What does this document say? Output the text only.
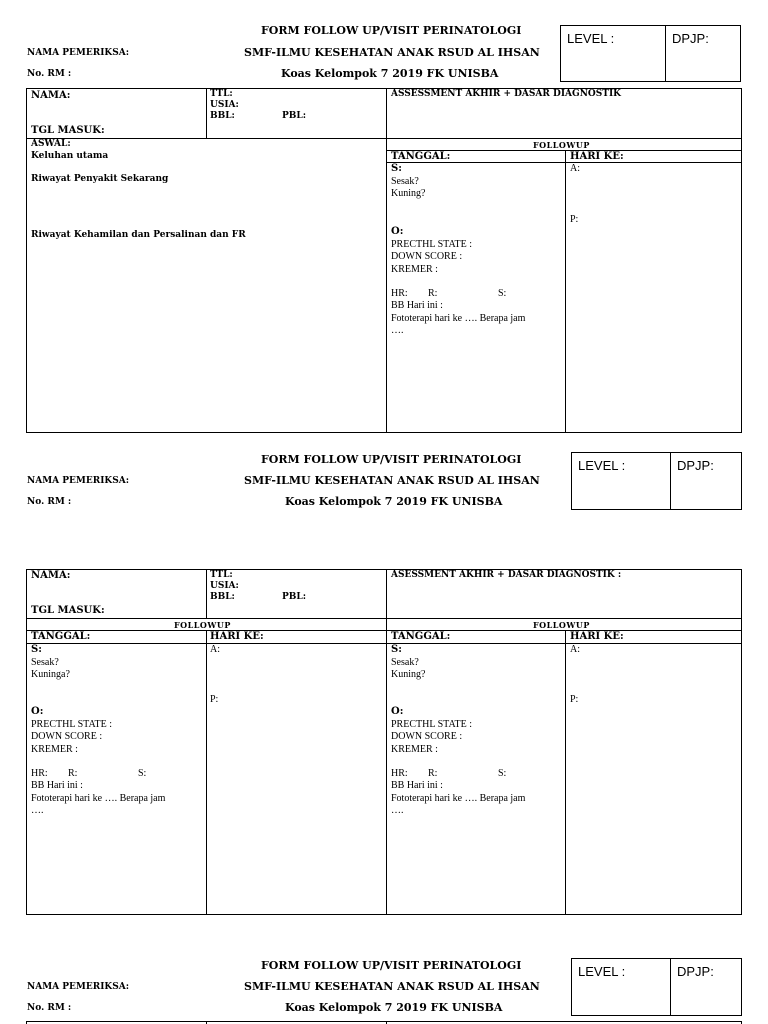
FORM FOLLOW UP/VISIT PERINATOLOGI
SMF-ILMU KESEHATAN ANAK RSUD AL IHSAN
Koas Kelompok 7 2019 FK UNISBA
NAMA PEMERIKSA:
No. RM :
LEVEL :	DPJP:
NAMA:
TGL MASUK:
TTL:
USIA:
BBL:	PBL:
ASSESSMENT AKHIR + DASAR DIAGNOSTIK
ASWAL:
Keluhan utama
Riwayat Penyakit Sekarang
Riwayat Kehamilan dan Persalinan dan FR
FOLLOWUP
TANGGAL:	HARI KE:
S:
Sesak?
Kuning?
O:
PRECTHL STATE :
DOWN SCORE :
KREMER :
HR: R:	S:
BB Hari ini :
Fototerapi hari ke …. Berapa jam
….
A:
P:
FORM FOLLOW UP/VISIT PERINATOLOGI
SMF-ILMU KESEHATAN ANAK RSUD AL IHSAN
Koas Kelompok 7 2019 FK UNISBA
NAMA PEMERIKSA:
No. RM :
LEVEL :	DPJP:
NAMA:
TGL MASUK:
TTL:
USIA:
BBL:	PBL:
ASESSMENT AKHIR + DASAR DIAGNOSTIK :
FOLLOWUP	FOLLOWUP
TANGGAL:	HARI KE:	TANGGAL:	HARI KE:
S:
Sesak?
Kuninga?
O:
PRECTHL STATE :
DOWN SCORE :
KREMER :
HR: R:	S:
BB Hari ini :
Fototerapi hari ke …. Berapa jam
….
A:
P:
S:
Sesak?
Kuning?
O:
PRECTHL STATE :
DOWN SCORE :
KREMER :
HR: R:	S:
BB Hari ini :
Fototerapi hari ke …. Berapa jam
….
A:
P:
FORM FOLLOW UP/VISIT PERINATOLOGI
SMF-ILMU KESEHATAN ANAK RSUD AL IHSAN
Koas Kelompok 7 2019 FK UNISBA
NAMA PEMERIKSA:
No. RM :
LEVEL :	DPJP:
